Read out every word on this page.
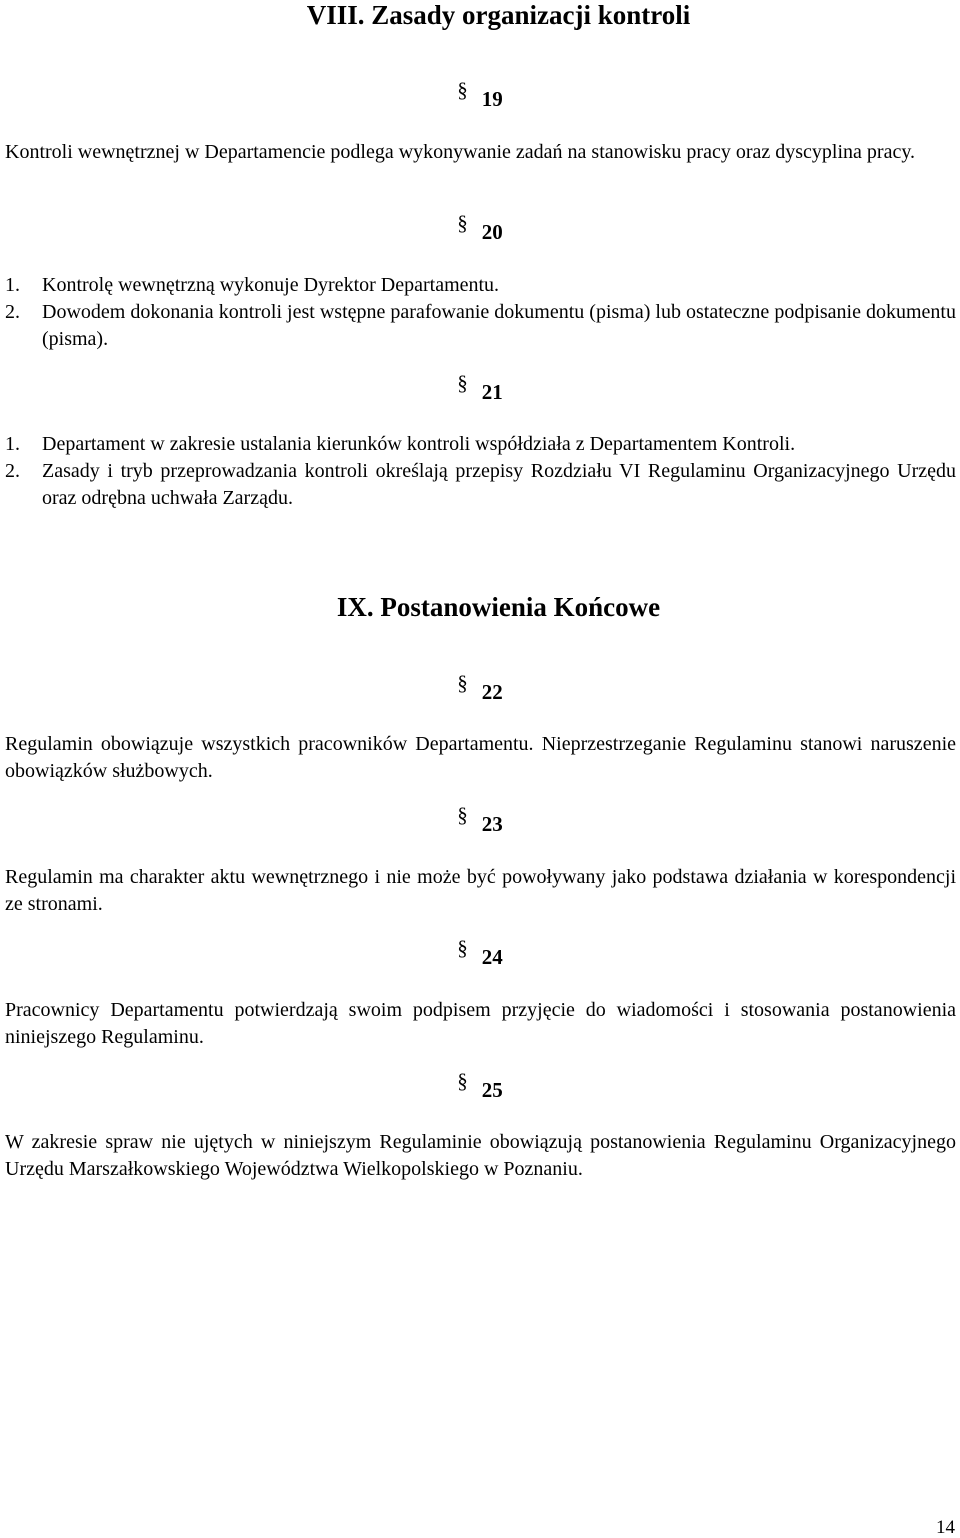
VIII. Zasady organizacji kontroli
§ 19
Kontroli wewnętrznej w Departamencie podlega wykonywanie zadań na stanowisku pracy oraz dyscyplina pracy.
§ 20
1. Kontrolę wewnętrzną wykonuje Dyrektor Departamentu.
2. Dowodem dokonania kontroli jest wstępne parafowanie dokumentu (pisma) lub ostateczne podpisanie dokumentu (pisma).
§ 21
1. Departament w zakresie ustalania kierunków kontroli współdziała z Departamentem Kontroli.
2. Zasady i tryb przeprowadzania kontroli określają przepisy Rozdziału VI Regulaminu Organizacyjnego Urzędu oraz odrębna uchwała Zarządu.
IX. Postanowienia Końcowe
§ 22
Regulamin obowiązuje wszystkich pracowników Departamentu. Nieprzestrzeganie Regulaminu stanowi naruszenie obowiązków służbowych.
§ 23
Regulamin ma charakter aktu wewnętrznego i nie może być powoływany jako podstawa działania w korespondencji ze stronami.
§ 24
Pracownicy Departamentu potwierdzają swoim podpisem przyjęcie do wiadomości i stosowania postanowienia niniejszego Regulaminu.
§ 25
W zakresie spraw nie ujętych w niniejszym Regulaminie obowiązują postanowienia Regulaminu Organizacyjnego Urzędu Marszałkowskiego Województwa Wielkopolskiego w Poznaniu.
14
